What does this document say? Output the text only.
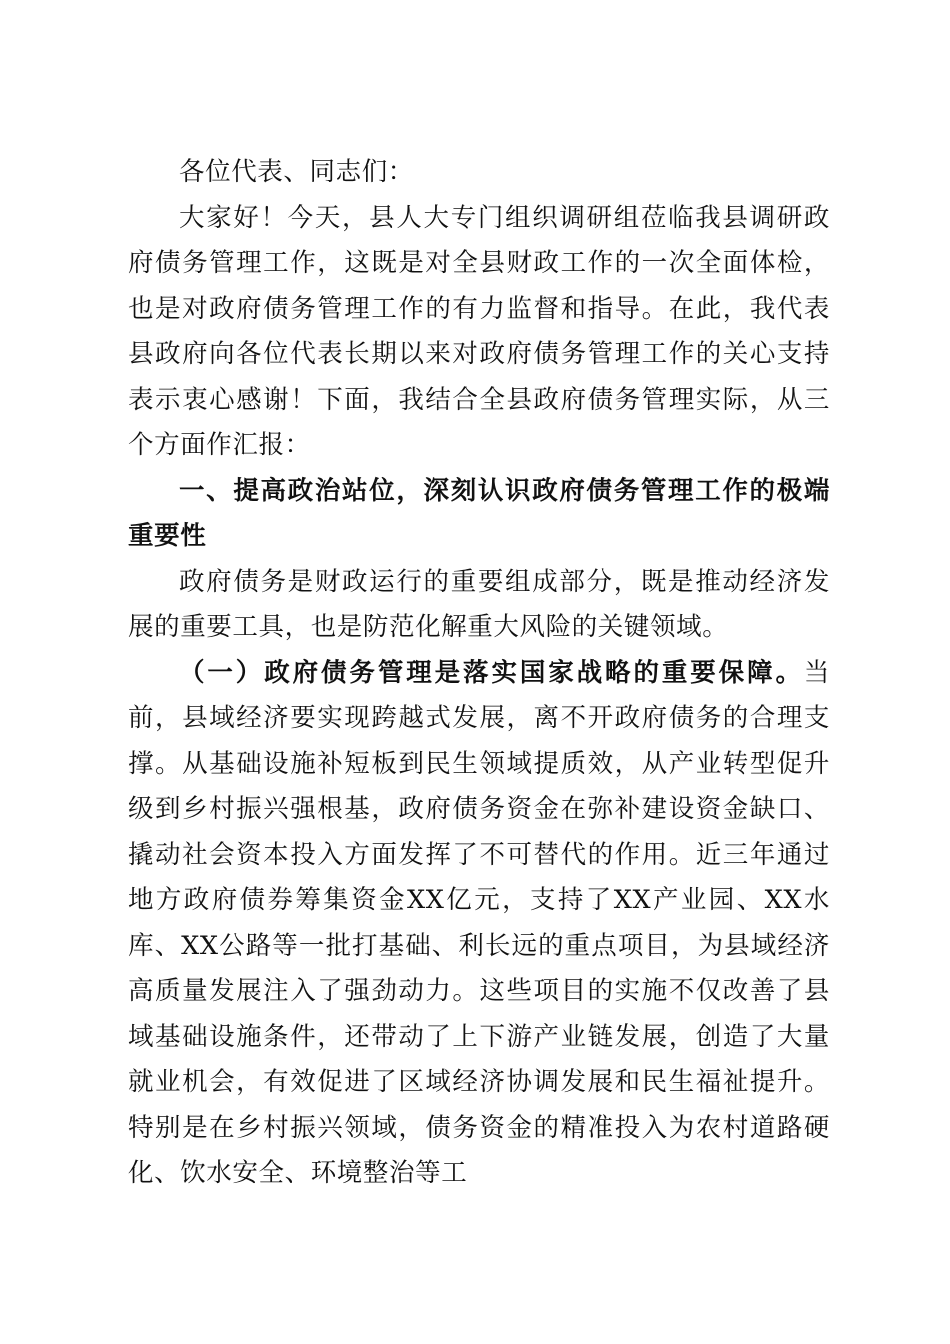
各位代表、同志们：

大家好！今天，县人大专门组织调研组莅临我县调研政府债务管理工作，这既是对全县财政工作的一次全面体检，也是对政府债务管理工作的有力监督和指导。在此，我代表县政府向各位代表长期以来对政府债务管理工作的关心支持表示衷心感谢！下面，我结合全县政府债务管理实际，从三个方面作汇报：

一、提高政治站位，深刻认识政府债务管理工作的极端重要性

政府债务是财政运行的重要组成部分，既是推动经济发展的重要工具，也是防范化解重大风险的关键领域。

（一）政府债务管理是落实国家战略的重要保障。当前，县域经济要实现跨越式发展，离不开政府债务的合理支撑。从基础设施补短板到民生领域提质效，从产业转型促升级到乡村振兴强根基，政府债务资金在弥补建设资金缺口、撬动社会资本投入方面发挥了不可替代的作用。近三年通过地方政府债券筹集资金XX亿元，支持了XX产业园、XX水库、XX公路等一批打基础、利长远的重点项目，为县域经济高质量发展注入了强劲动力。这些项目的实施不仅改善了县域基础设施条件，还带动了上下游产业链发展，创造了大量就业机会，有效促进了区域经济协调发展和民生福祉提升。特别是在乡村振兴领域，债务资金的精准投入为农村道路硬化、饮水安全、环境整治等工
